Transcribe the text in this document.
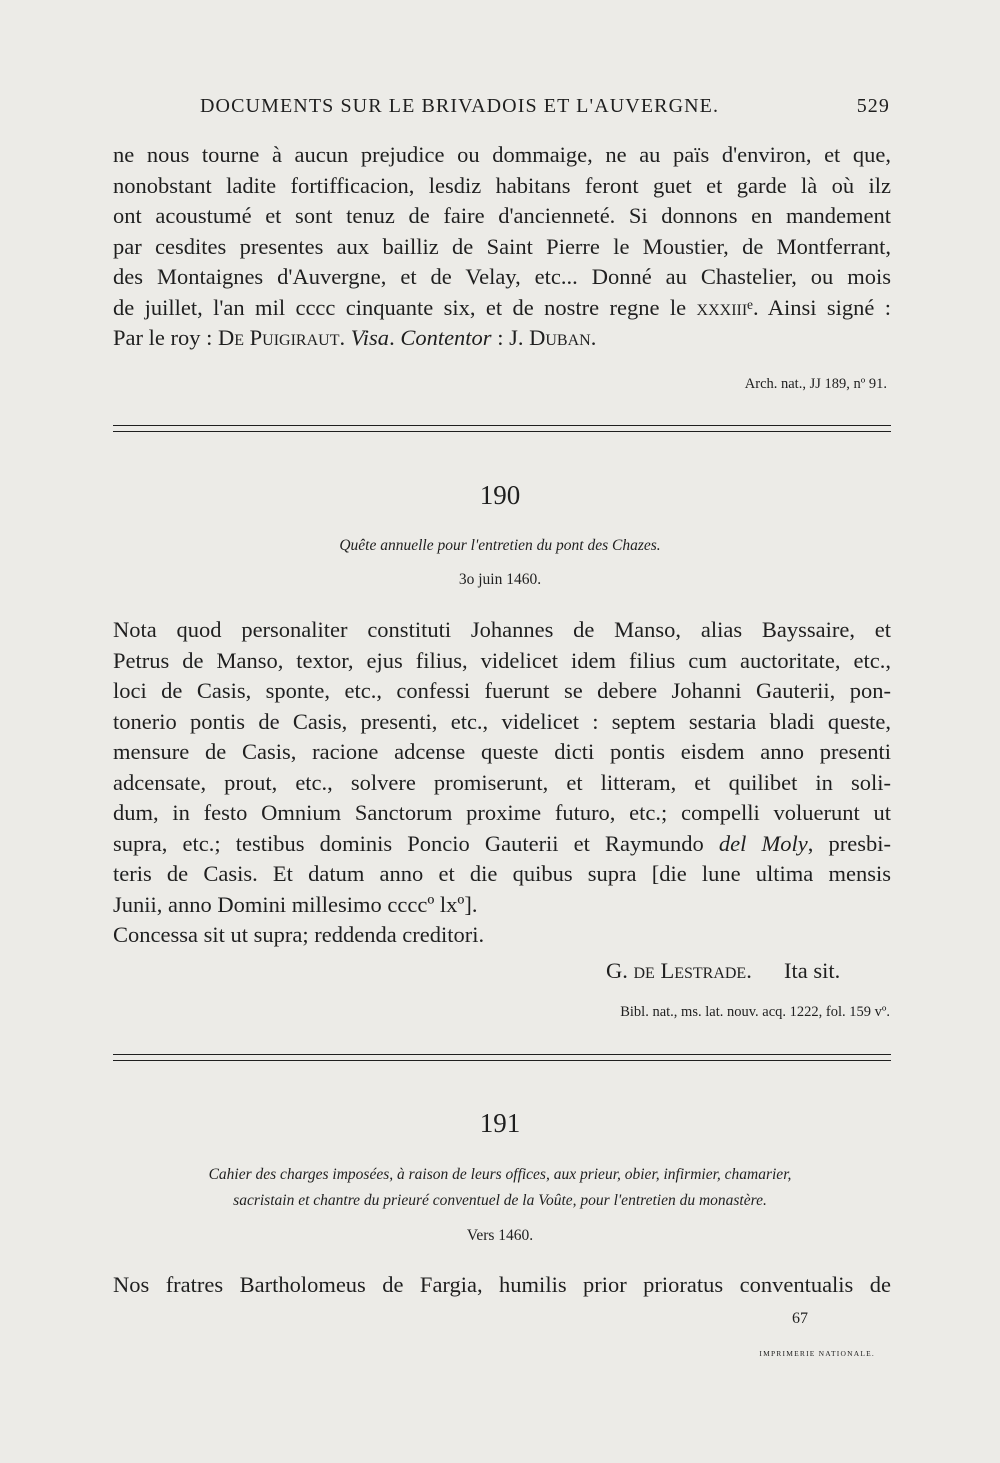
DOCUMENTS SUR LE BRIVADOIS ET L'AUVERGNE.	529
ne nous tourne à aucun prejudice ou dommaige, ne au païs d'environ, et que,
nonobstant ladite fortifficacion, lesdiz habitans feront guet et garde là où ilz
ont acoustumé et sont tenuz de faire d'ancienneté. Si donnons en mandement
par cesdites presentes aux bailliz de Saint Pierre le Moustier, de Montferrant,
des Montaignes d'Auvergne, et de Velay, etc... Donné au Chastelier, ou mois
de juillet, l'an mil cccc cinquante six, et de nostre regne le xxxiiiᵉ. Ainsi signé :
Par le roy : De Puigiraut. Visa. Contentor : J. Duban.
Arch. nat., JJ 189, nº 91.
190
Quête annuelle pour l'entretien du pont des Chazes.
3o juin 1460.
Nota quod personaliter constituti Johannes de Manso, alias Bayssaire, et
Petrus de Manso, textor, ejus filius, videlicet idem filius cum auctoritate, etc.,
loci de Casis, sponte, etc., confessi fuerunt se debere Johanni Gauterii, pon-
tonerio pontis de Casis, presenti, etc., videlicet : septem sestaria bladi queste,
mensure de Casis, racione adcense queste dicti pontis eisdem anno presenti
adcensate, prout, etc., solvere promiserunt, et litteram, et quilibet in soli-
dum, in festo Omnium Sanctorum proxime futuro, etc.; compelli voluerunt ut
supra, etc.; testibus dominis Poncio Gauterii et Raymundo del Moly, presbi-
teris de Casis. Et datum anno et die quibus supra [die lune ultima mensis
Junii, anno Domini millesimo ccccº lxº].
Concessa sit ut supra; reddenda creditori.
G. de Lestrade. Ita sit.
Bibl. nat., ms. lat. nouv. acq. 1222, fol. 159 vº.
191
Cahier des charges imposées, à raison de leurs offices, aux prieur, obier, infirmier, chamarier,
sacristain et chantre du prieuré conventuel de la Voûte, pour l'entretien du monastère.
Vers 1460.
Nos fratres Bartholomeus de Fargia, humilis prior prioratus conventualis de
67
IMPRIMERIE NATIONALE.
